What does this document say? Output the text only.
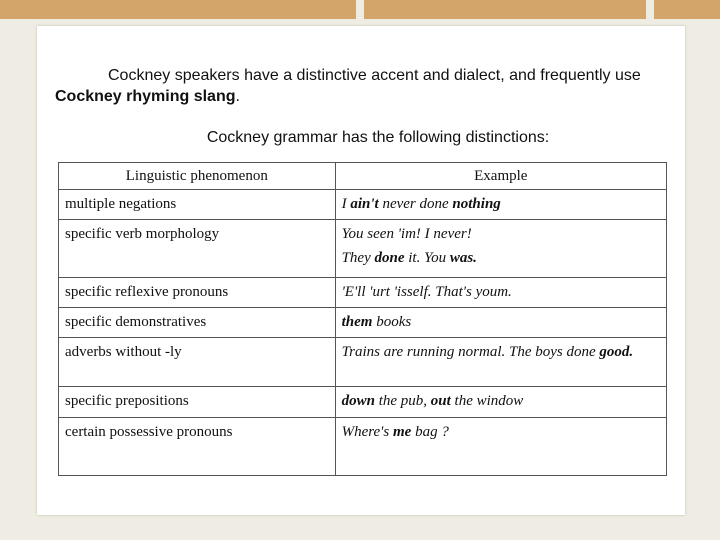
Cockney speakers have a distinctive accent and dialect, and frequently use Cockney rhyming slang.
Cockney grammar has the following distinctions:
Linguistic phenomenon	Example
multiple negations	I ain't never done nothing
specific verb morphology	You seen 'im! I never!
They done it. You was.
specific reflexive pronouns	'E'll 'urt 'isself. That's youm.
specific demonstratives	them books
adverbs without -ly	Trains are running normal. The boys done good.
specific prepositions	down the pub, out the window
certain possessive pronouns	Where's me bag ?
